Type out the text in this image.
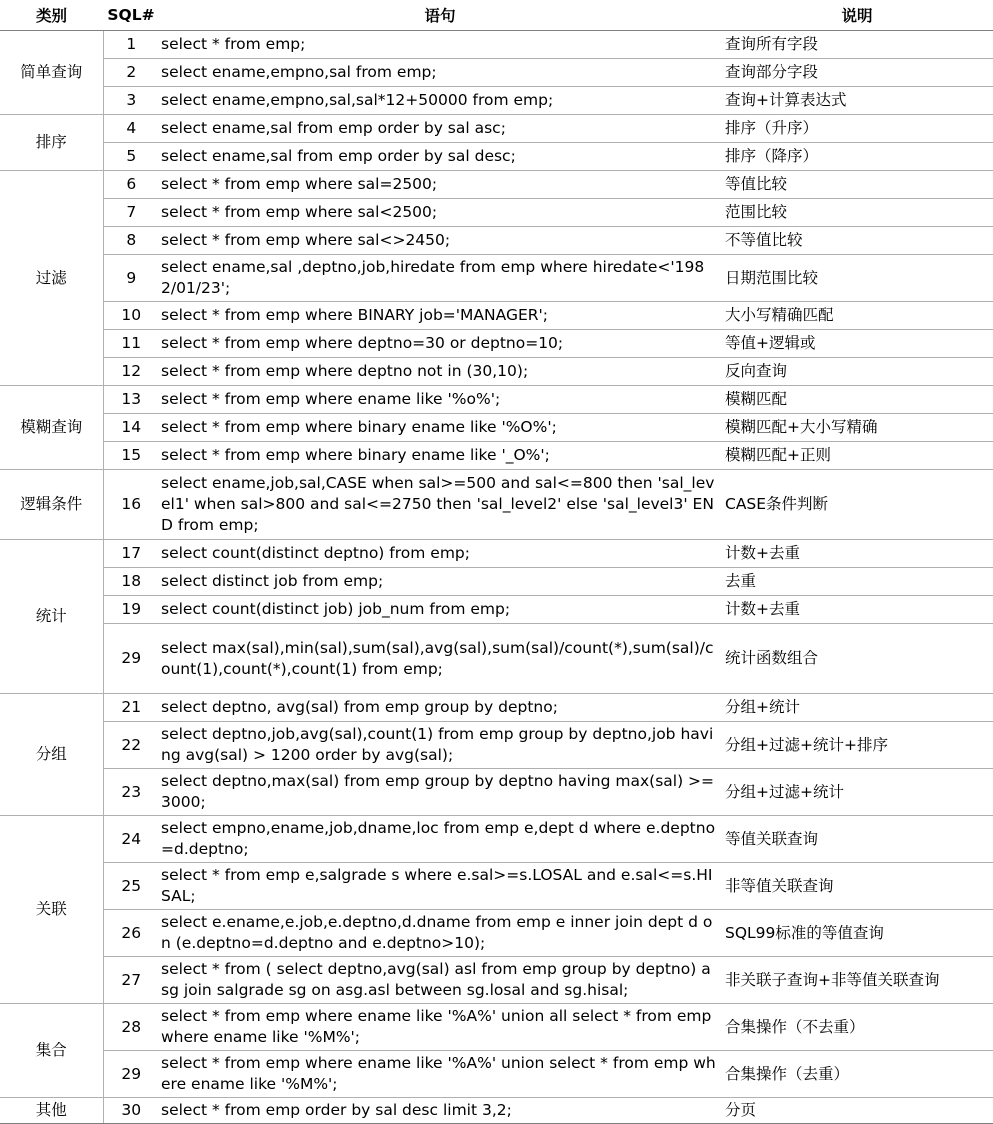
类别	SQL#	语句	说明
简单查询	1	select * from emp;	查询所有字段
	2	select ename,empno,sal from emp;	查询部分字段
	3	select ename,empno,sal,sal*12+50000 from emp;	查询+计算表达式
排序	4	select ename,sal from emp order by sal asc;	排序（升序）
	5	select ename,sal from emp order by sal desc;	排序（降序）
过滤	6	select * from emp where sal=2500;	等值比较
	7	select * from emp where sal<2500;	范围比较
	8	select * from emp where sal<>2450;	不等值比较
	9	select ename,sal ,deptno,job,hiredate from emp where hiredate<'1982/01/23';	日期范围比较
	10	select * from emp where BINARY job='MANAGER';	大小写精确匹配
	11	select * from emp where deptno=30 or deptno=10;	等值+逻辑或
	12	select * from emp where deptno not in (30,10);	反向查询
模糊查询	13	select * from emp where ename like '%o%';	模糊匹配
	14	select * from emp where binary ename like '%O%';	模糊匹配+大小写精确
	15	select * from emp where binary ename like '_O%';	模糊匹配+正则
逻辑条件	16	select ename,job,sal,CASE when sal>=500 and sal<=800 then 'sal_level1' when sal>800 and sal<=2750 then 'sal_level2' else 'sal_level3' END from emp;	CASE条件判断
统计	17	select count(distinct deptno) from emp;	计数+去重
	18	select distinct job from emp;	去重
	19	select count(distinct job) job_num from emp;	计数+去重
	29	select max(sal),min(sal),sum(sal),avg(sal),sum(sal)/count(*),sum(sal)/count(1),count(*),count(1) from emp;	统计函数组合
分组	21	select deptno, avg(sal) from emp group by deptno;	分组+统计
	22	select deptno,job,avg(sal),count(1) from emp group by deptno,job having avg(sal) > 1200 order by avg(sal);	分组+过滤+统计+排序
	23	select deptno,max(sal) from emp group by deptno having max(sal) >=3000;	分组+过滤+统计
关联	24	select empno,ename,job,dname,loc from emp e,dept d where e.deptno=d.deptno;	等值关联查询
	25	select * from emp e,salgrade s where e.sal>=s.LOSAL and e.sal<=s.HISAL;	非等值关联查询
	26	select e.ename,e.job,e.deptno,d.dname from emp e inner join dept d on (e.deptno=d.deptno and e.deptno>10);	SQL99标准的等值查询
	27	select * from ( select deptno,avg(sal) asl from emp group by deptno) asg join salgrade sg on asg.asl between sg.losal and sg.hisal;	非关联子查询+非等值关联查询
集合	28	select * from emp where ename like '%A%' union all select * from emp where ename like '%M%';	合集操作（不去重）
	29	select * from emp where ename like '%A%' union select * from emp where ename like '%M%';	合集操作（去重）
其他	30	select * from emp order by sal desc limit 3,2;	分页
